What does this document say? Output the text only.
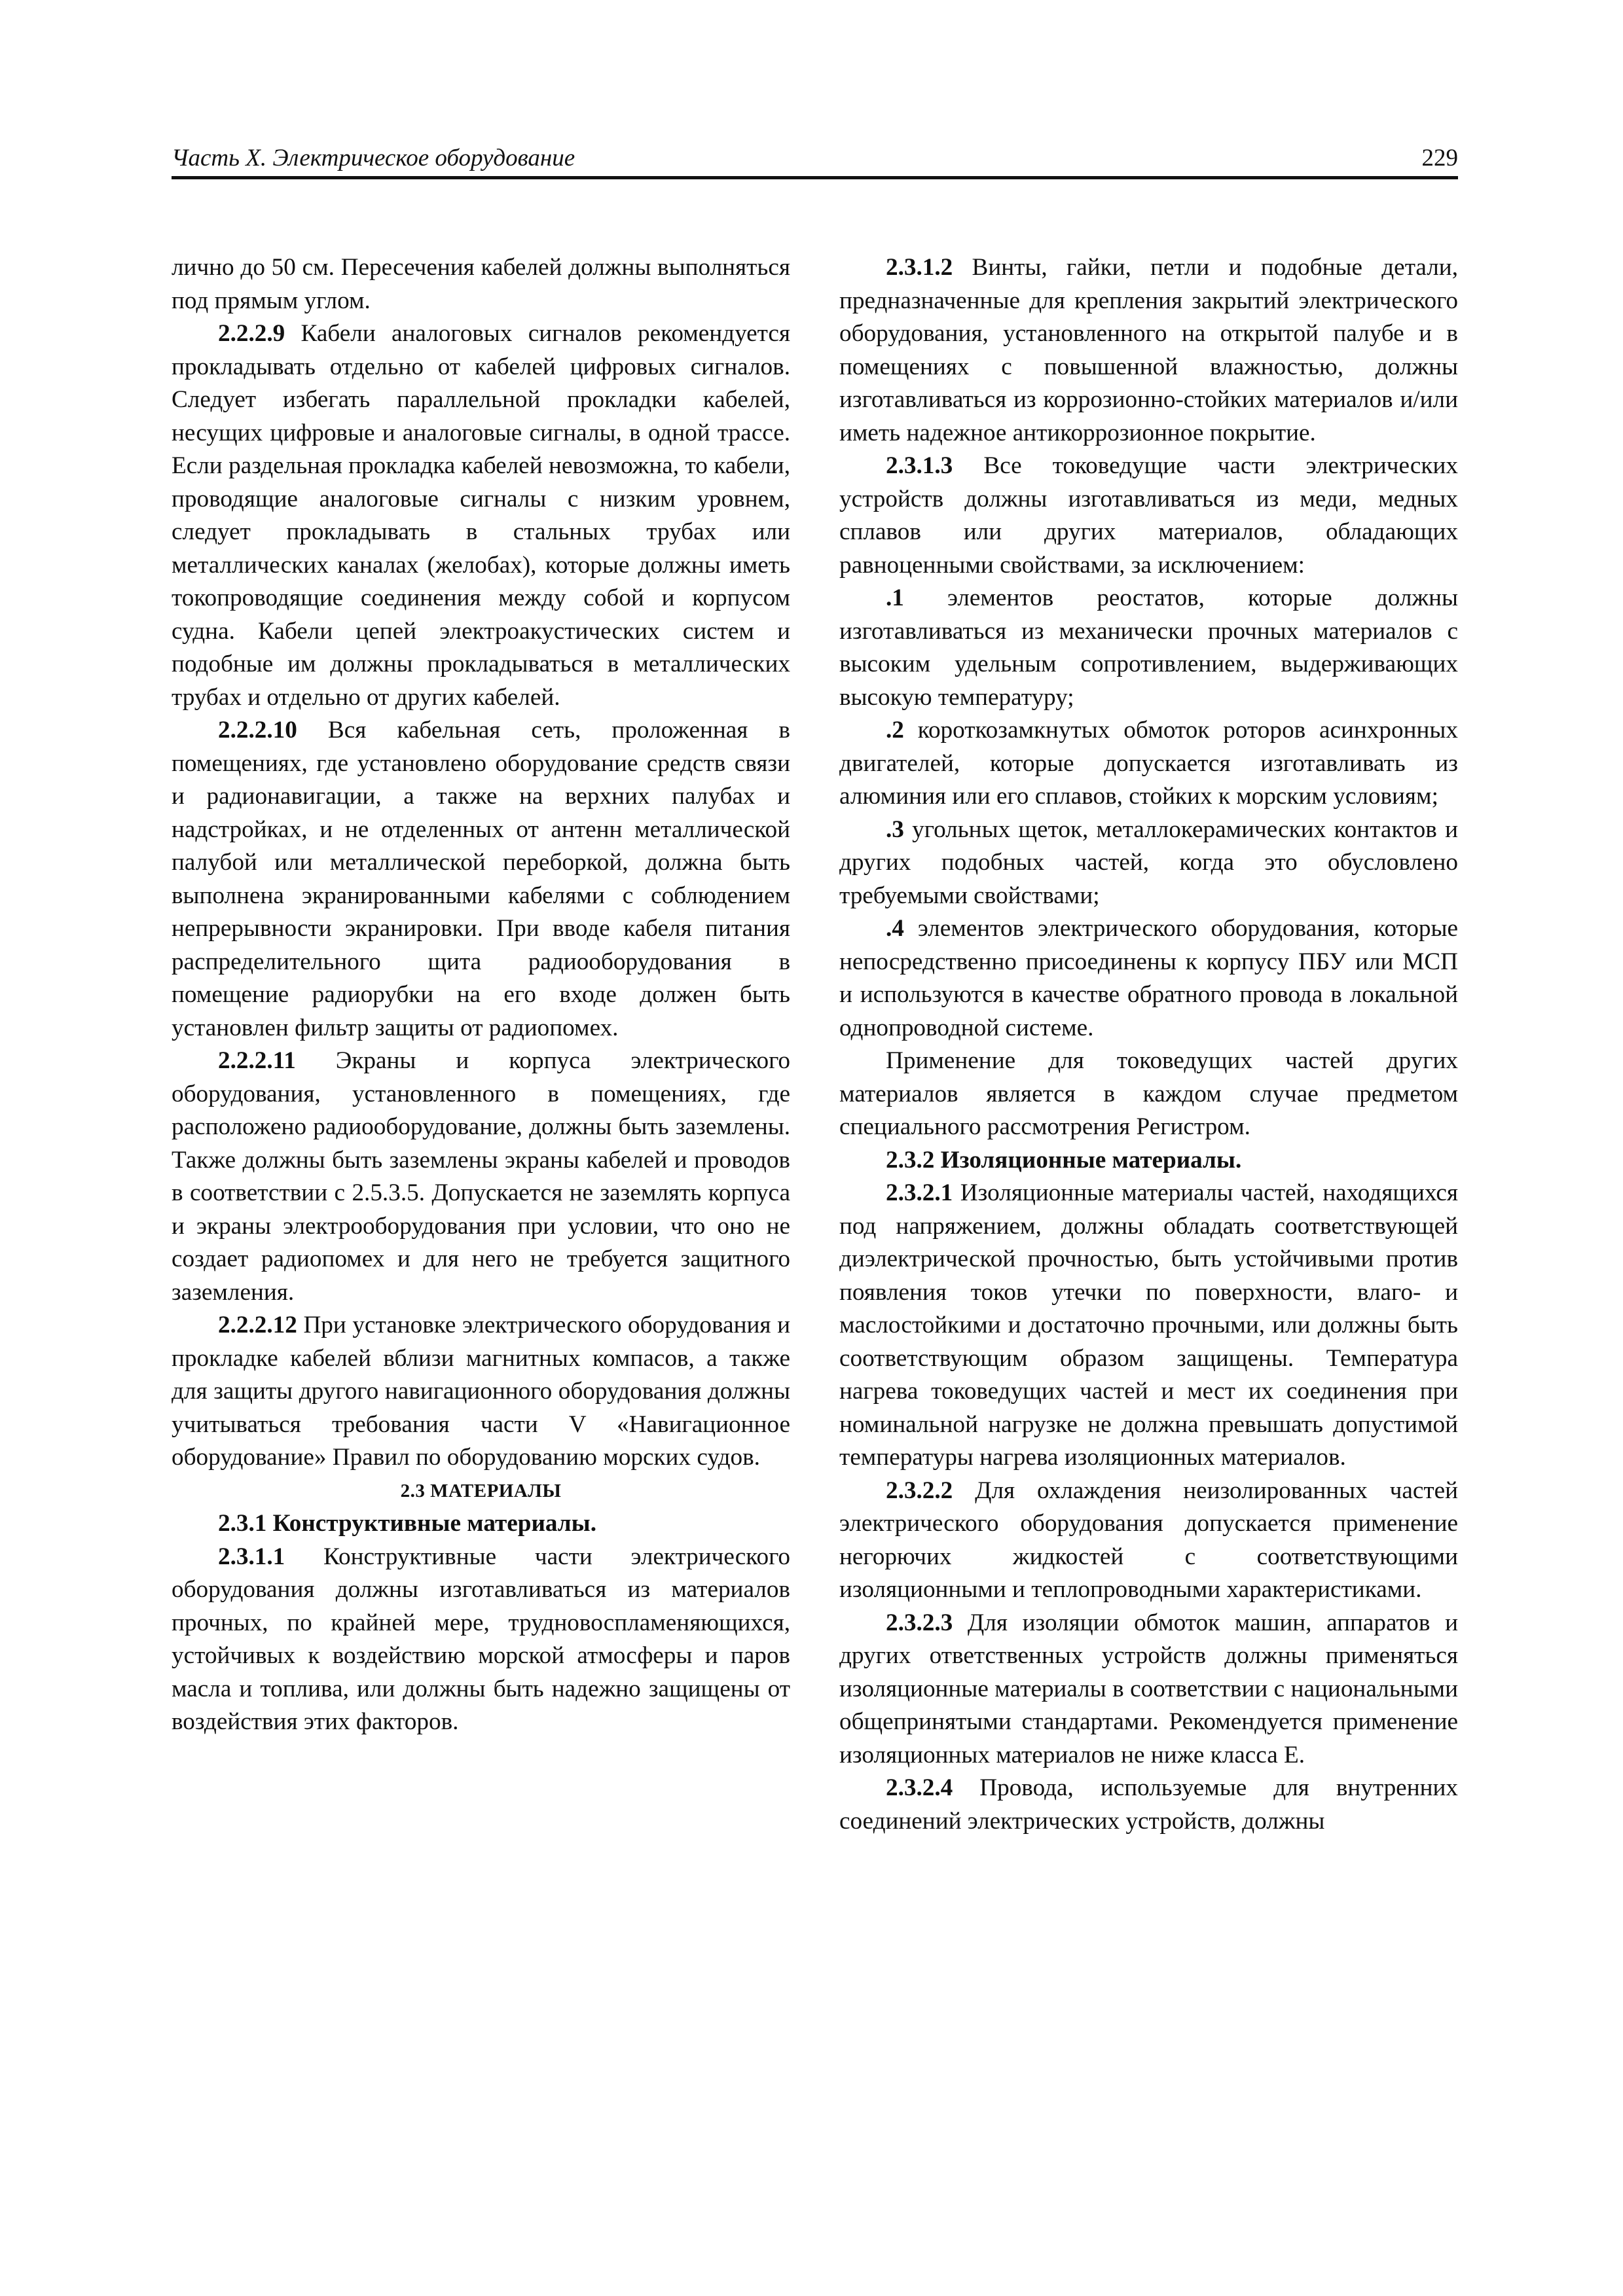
Часть X. Электрическое оборудование	229

лично до 50 см. Пересечения кабелей должны выполняться под прямым углом.

2.2.2.9 Кабели аналоговых сигналов рекомендуется прокладывать отдельно от кабелей цифровых сигналов. Следует избегать параллельной прокладки кабелей, несущих цифровые и аналоговые сигналы, в одной трассе. Если раздельная прокладка кабелей невозможна, то кабели, проводящие аналоговые сигналы с низким уровнем, следует прокладывать в стальных трубах или металлических каналах (желобах), которые должны иметь токопроводящие соединения между собой и корпусом судна. Кабели цепей электроакустических систем и подобные им должны прокладываться в металлических трубах и отдельно от других кабелей.

2.2.2.10 Вся кабельная сеть, проложенная в помещениях, где установлено оборудование средств связи и радионавигации, а также на верхних палубах и надстройках, и не отделенных от антенн металлической палубой или металлической переборкой, должна быть выполнена экранированными кабелями с соблюдением непрерывности экранировки. При вводе кабеля питания распределительного щита радиооборудования в помещение радиорубки на его входе должен быть установлен фильтр защиты от радиопомех.

2.2.2.11 Экраны и корпуса электрического оборудования, установленного в помещениях, где расположено радиооборудование, должны быть заземлены. Также должны быть заземлены экраны кабелей и проводов в соответствии с 2.5.3.5. Допускается не заземлять корпуса и экраны электрооборудования при условии, что оно не создает радиопомех и для него не требуется защитного заземления.

2.2.2.12 При установке электрического оборудования и прокладке кабелей вблизи магнитных компасов, а также для защиты другого навигационного оборудования должны учитываться требования части V «Навигационное оборудование» Правил по оборудованию морских судов.

2.3 МАТЕРИАЛЫ

2.3.1 Конструктивные материалы.

2.3.1.1 Конструктивные части электрического оборудования должны изготавливаться из материалов прочных, по крайней мере, трудновоспламеняющихся, устойчивых к воздействию морской атмосферы и паров масла и топлива, или должны быть надежно защищены от воздействия этих факторов.

2.3.1.2 Винты, гайки, петли и подобные детали, предназначенные для крепления закрытий электрического оборудования, установленного на открытой палубе и в помещениях с повышенной влажностью, должны изготавливаться из коррозионно-стойких материалов и/или иметь надежное антикоррозионное покрытие.

2.3.1.3 Все токоведущие части электрических устройств должны изготавливаться из меди, медных сплавов или других материалов, обладающих равноценными свойствами, за исключением:

.1 элементов реостатов, которые должны изготавливаться из механически прочных материалов с высоким удельным сопротивлением, выдерживающих высокую температуру;

.2 короткозамкнутых обмоток роторов асинхронных двигателей, которые допускается изготавливать из алюминия или его сплавов, стойких к морским условиям;

.3 угольных щеток, металлокерамических контактов и других подобных частей, когда это обусловлено требуемыми свойствами;

.4 элементов электрического оборудования, которые непосредственно присоединены к корпусу ПБУ или МСП и используются в качестве обратного провода в локальной однопроводной системе.

Применение для токоведущих частей других материалов является в каждом случае предметом специального рассмотрения Регистром.

2.3.2 Изоляционные материалы.

2.3.2.1 Изоляционные материалы частей, находящихся под напряжением, должны обладать соответствующей диэлектрической прочностью, быть устойчивыми против появления токов утечки по поверхности, влаго- и маслостойкими и достаточно прочными, или должны быть соответствующим образом защищены. Температура нагрева токоведущих частей и мест их соединения при номинальной нагрузке не должна превышать допустимой температуры нагрева изоляционных материалов.

2.3.2.2 Для охлаждения неизолированных частей электрического оборудования допускается применение негорючих жидкостей с соответствующими изоляционными и теплопроводными характеристиками.

2.3.2.3 Для изоляции обмоток машин, аппаратов и других ответственных устройств должны применяться изоляционные материалы в соответствии с национальными общепринятыми стандартами. Рекомендуется применение изоляционных материалов не ниже класса Е.

2.3.2.4 Провода, используемые для внутренних соединений электрических устройств, должны
